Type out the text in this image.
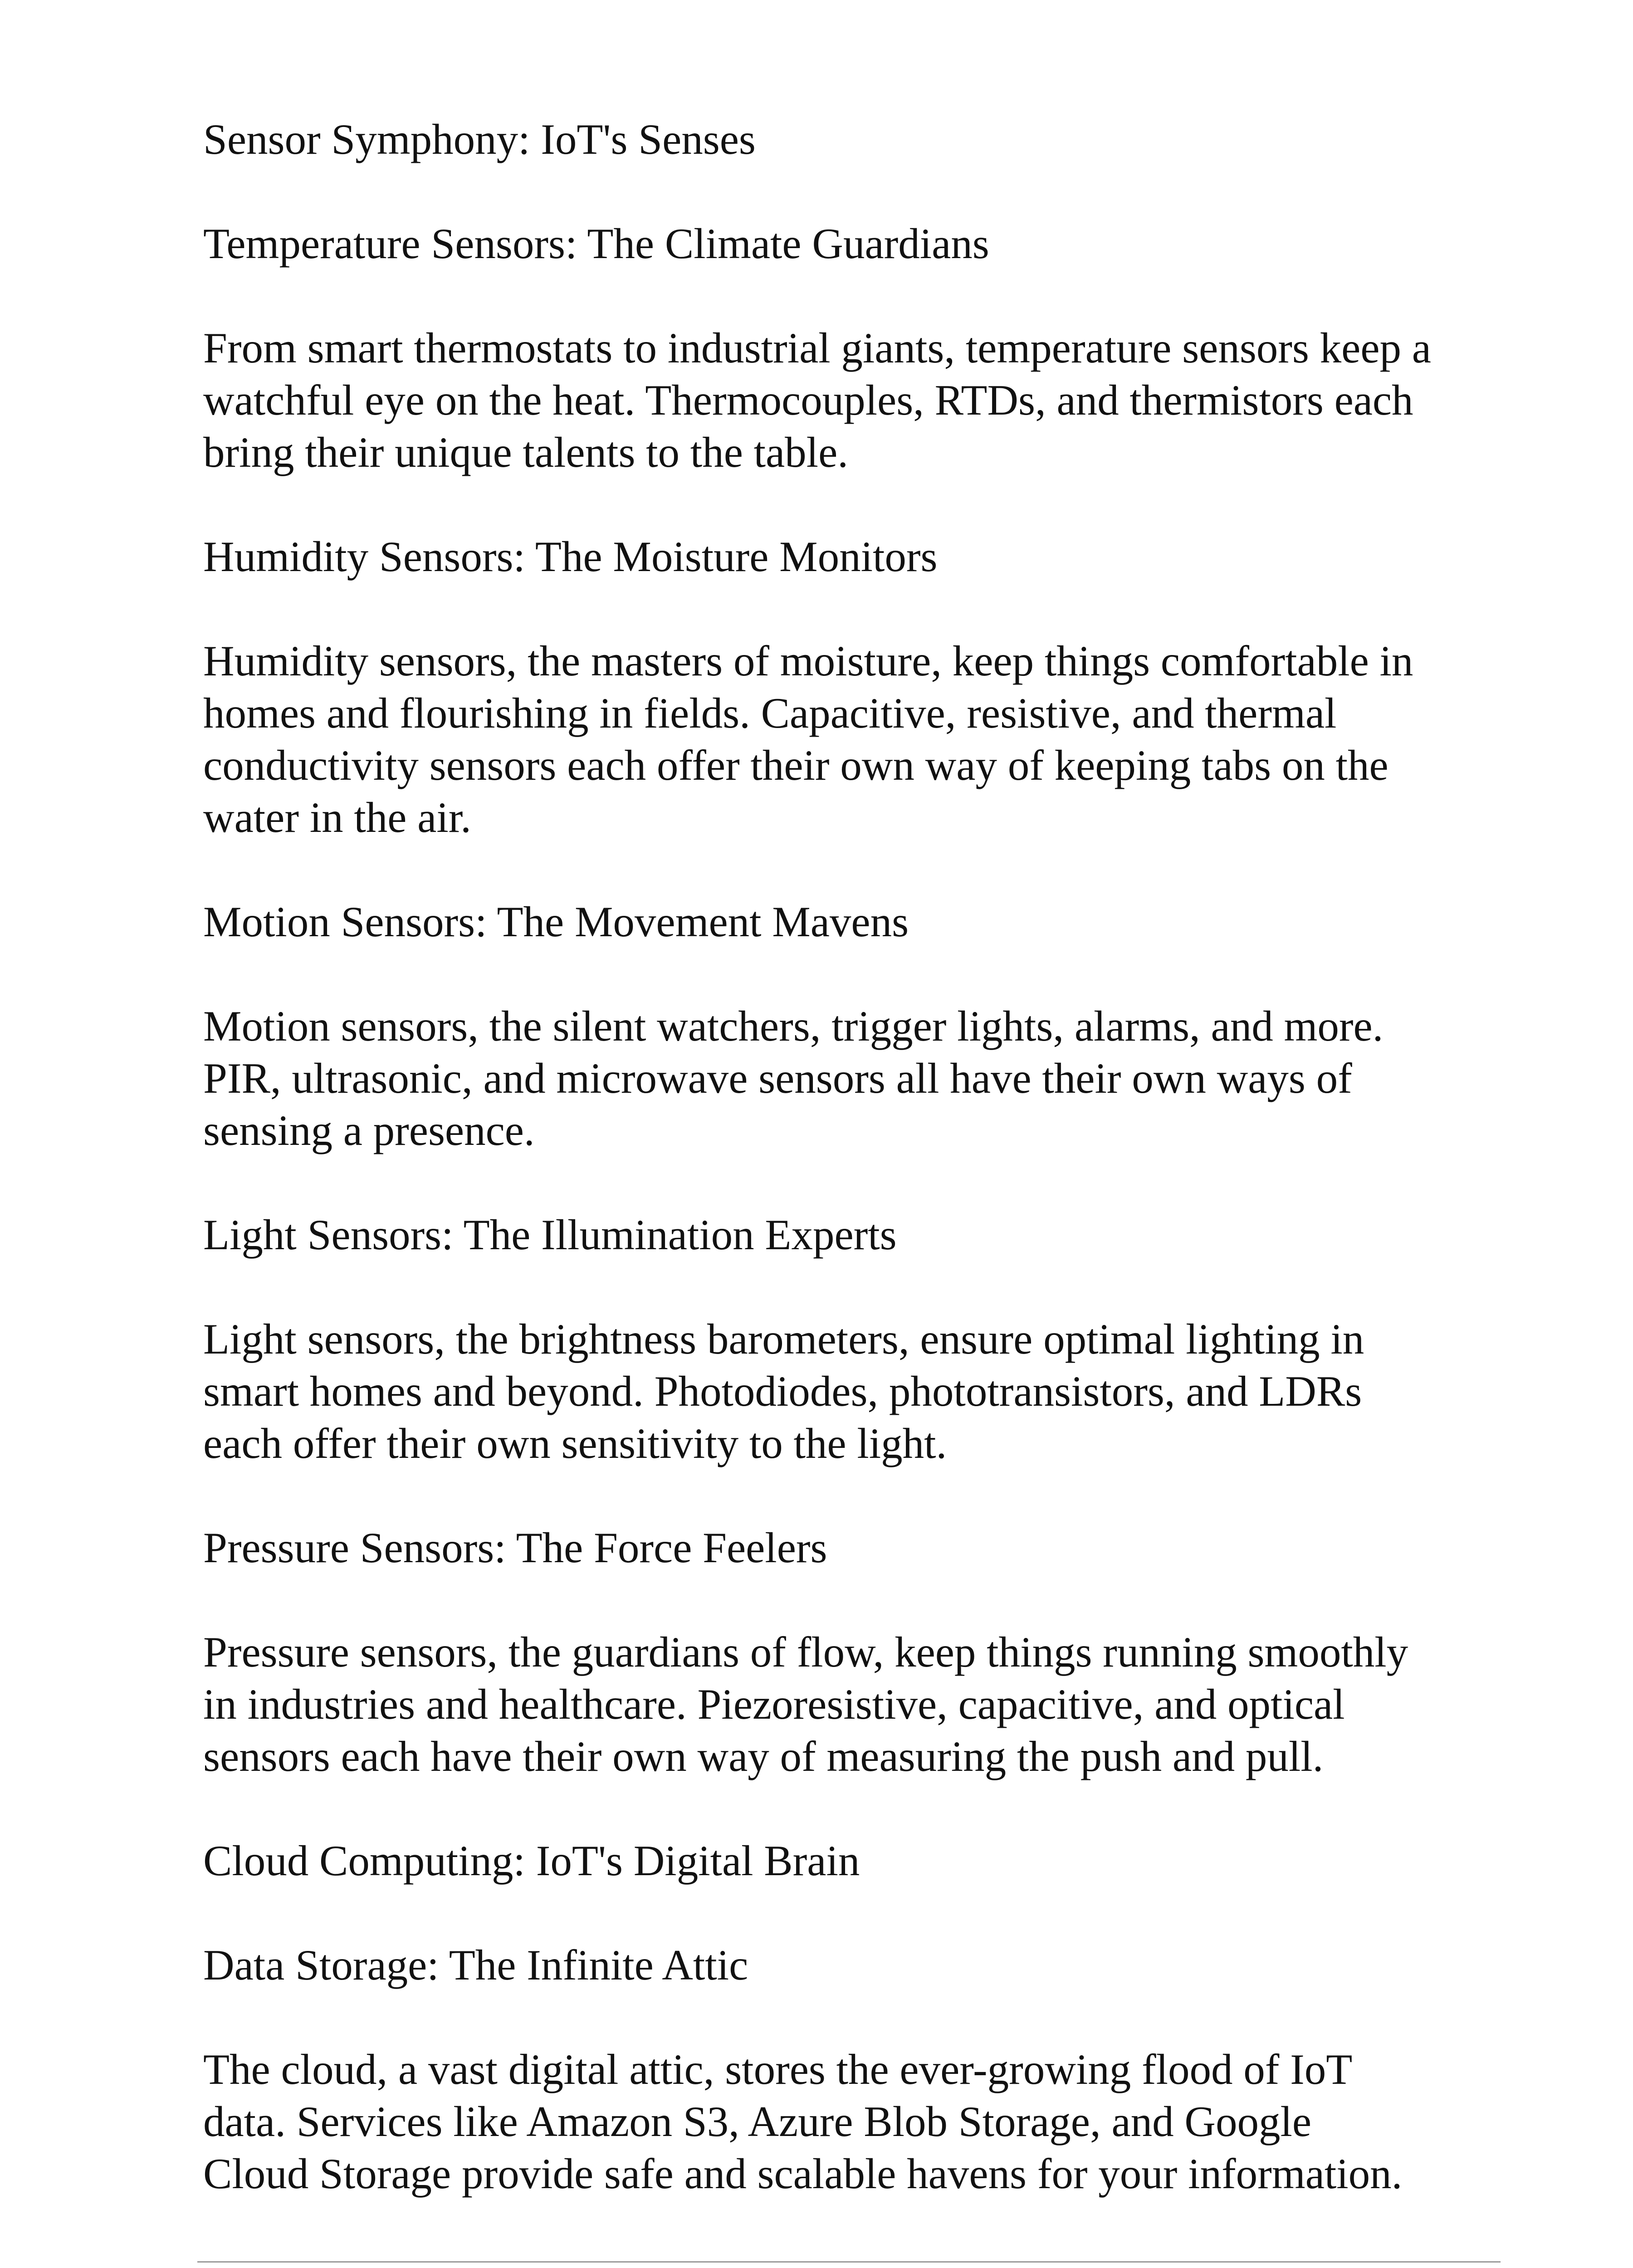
Sensor Symphony: IoT's Senses
Temperature Sensors: The Climate Guardians
From smart thermostats to industrial giants, temperature sensors keep a
watchful eye on the heat. Thermocouples, RTDs, and thermistors each
bring their unique talents to the table.
Humidity Sensors: The Moisture Monitors
Humidity sensors, the masters of moisture, keep things comfortable in
homes and flourishing in fields. Capacitive, resistive, and thermal
conductivity sensors each offer their own way of keeping tabs on the
water in the air.
Motion Sensors: The Movement Mavens
Motion sensors, the silent watchers, trigger lights, alarms, and more.
PIR, ultrasonic, and microwave sensors all have their own ways of
sensing a presence.
Light Sensors: The Illumination Experts
Light sensors, the brightness barometers, ensure optimal lighting in
smart homes and beyond. Photodiodes, phototransistors, and LDRs
each offer their own sensitivity to the light.
Pressure Sensors: The Force Feelers
Pressure sensors, the guardians of flow, keep things running smoothly
in industries and healthcare. Piezoresistive, capacitive, and optical
sensors each have their own way of measuring the push and pull.
Cloud Computing: IoT's Digital Brain
Data Storage: The Infinite Attic
The cloud, a vast digital attic, stores the ever-growing flood of IoT
data. Services like Amazon S3, Azure Blob Storage, and Google
Cloud Storage provide safe and scalable havens for your information.
